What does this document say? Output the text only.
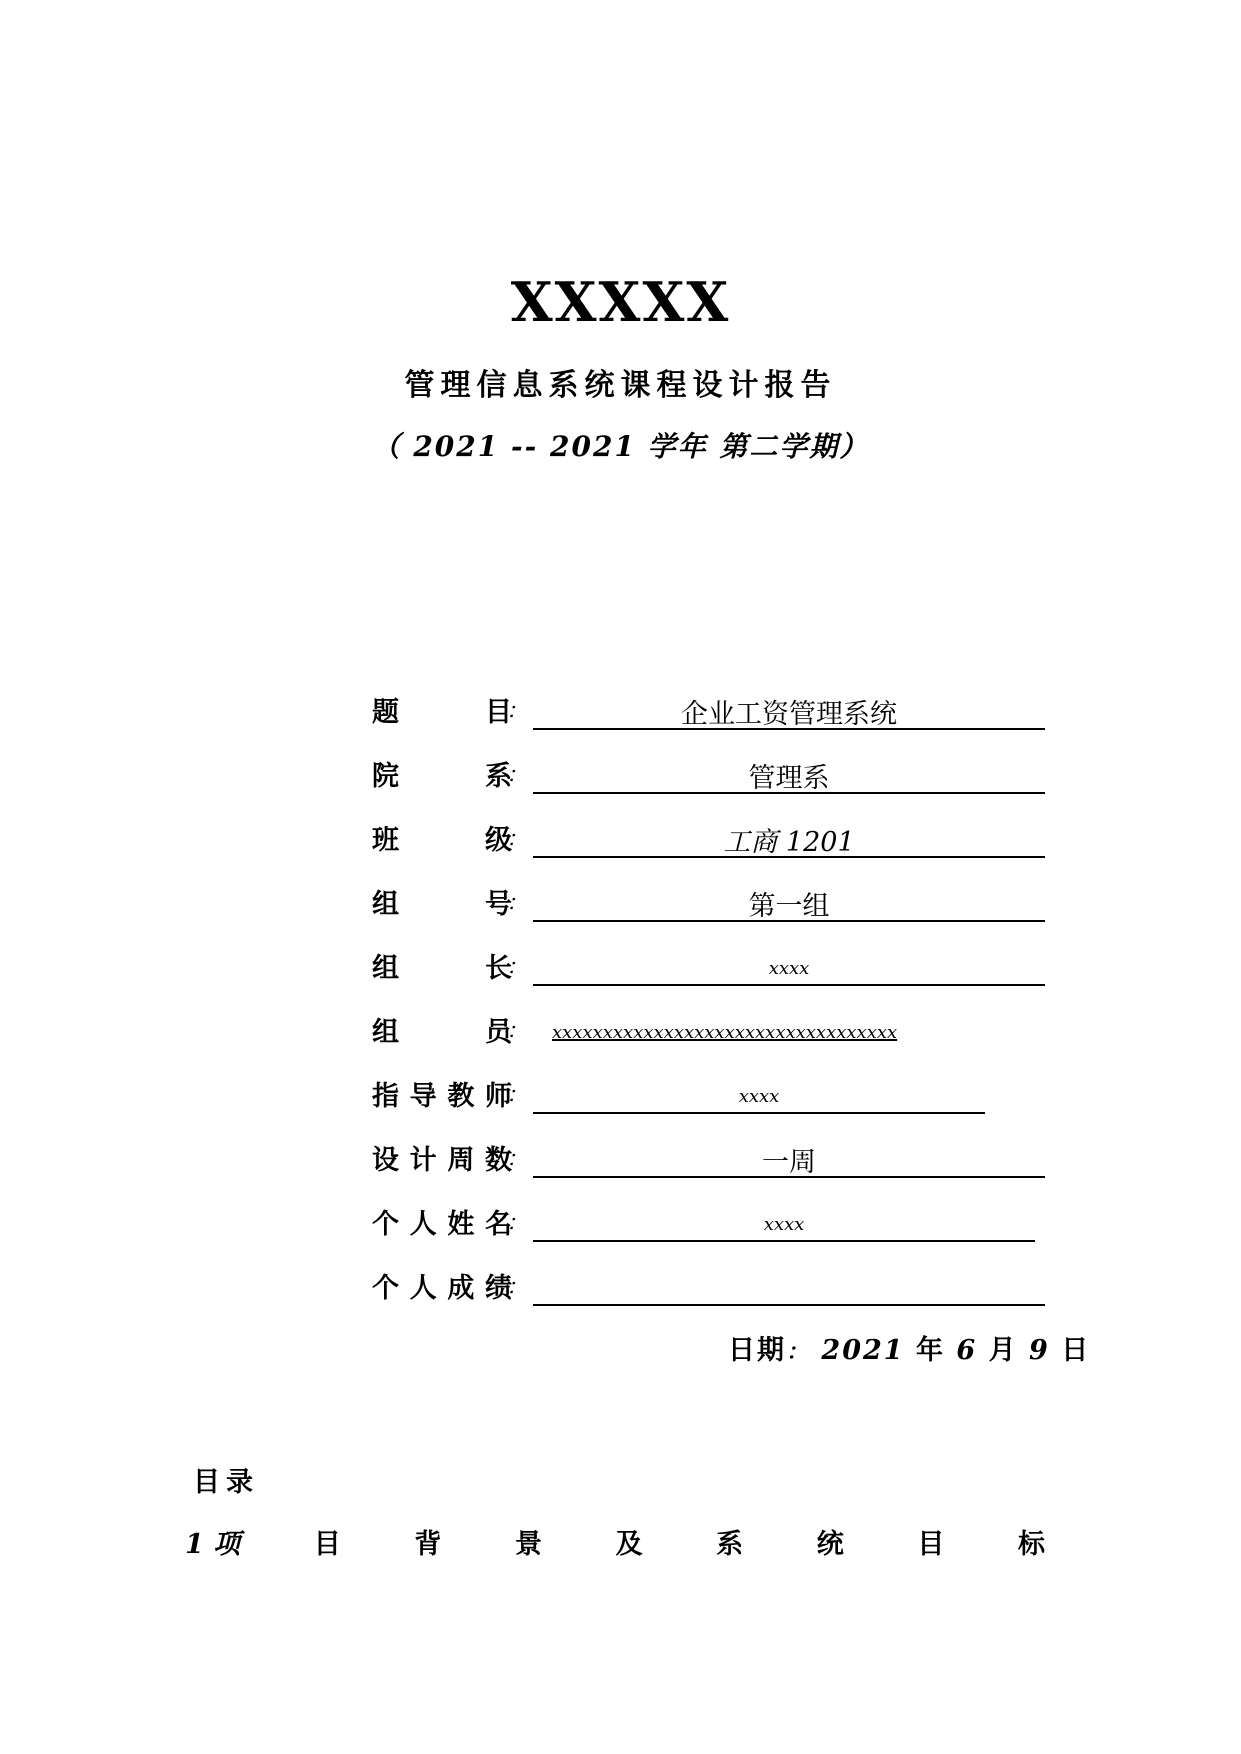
XXXXX
管理信息系统课程设计报告
（ 2021 -- 2021 学年 第二学期）
题	目
：	企业工资管理系统
院	系
：	管理系
班	级
：	工商 1201
组	号
：	第一组
组	长
：	xxxx
组	员
： xxxxxxxxxxxxxxxxxxxxxxxxxxxxxxxxxx
指 导 教 师
：	xxxx
设 计 周 数
：	一周
个 人 姓 名
：	xxxx
个 人 成 绩
：
日期： 2021 年 6 月 9 日
目录
1 项	目	背	景	及	系	统	目	标
